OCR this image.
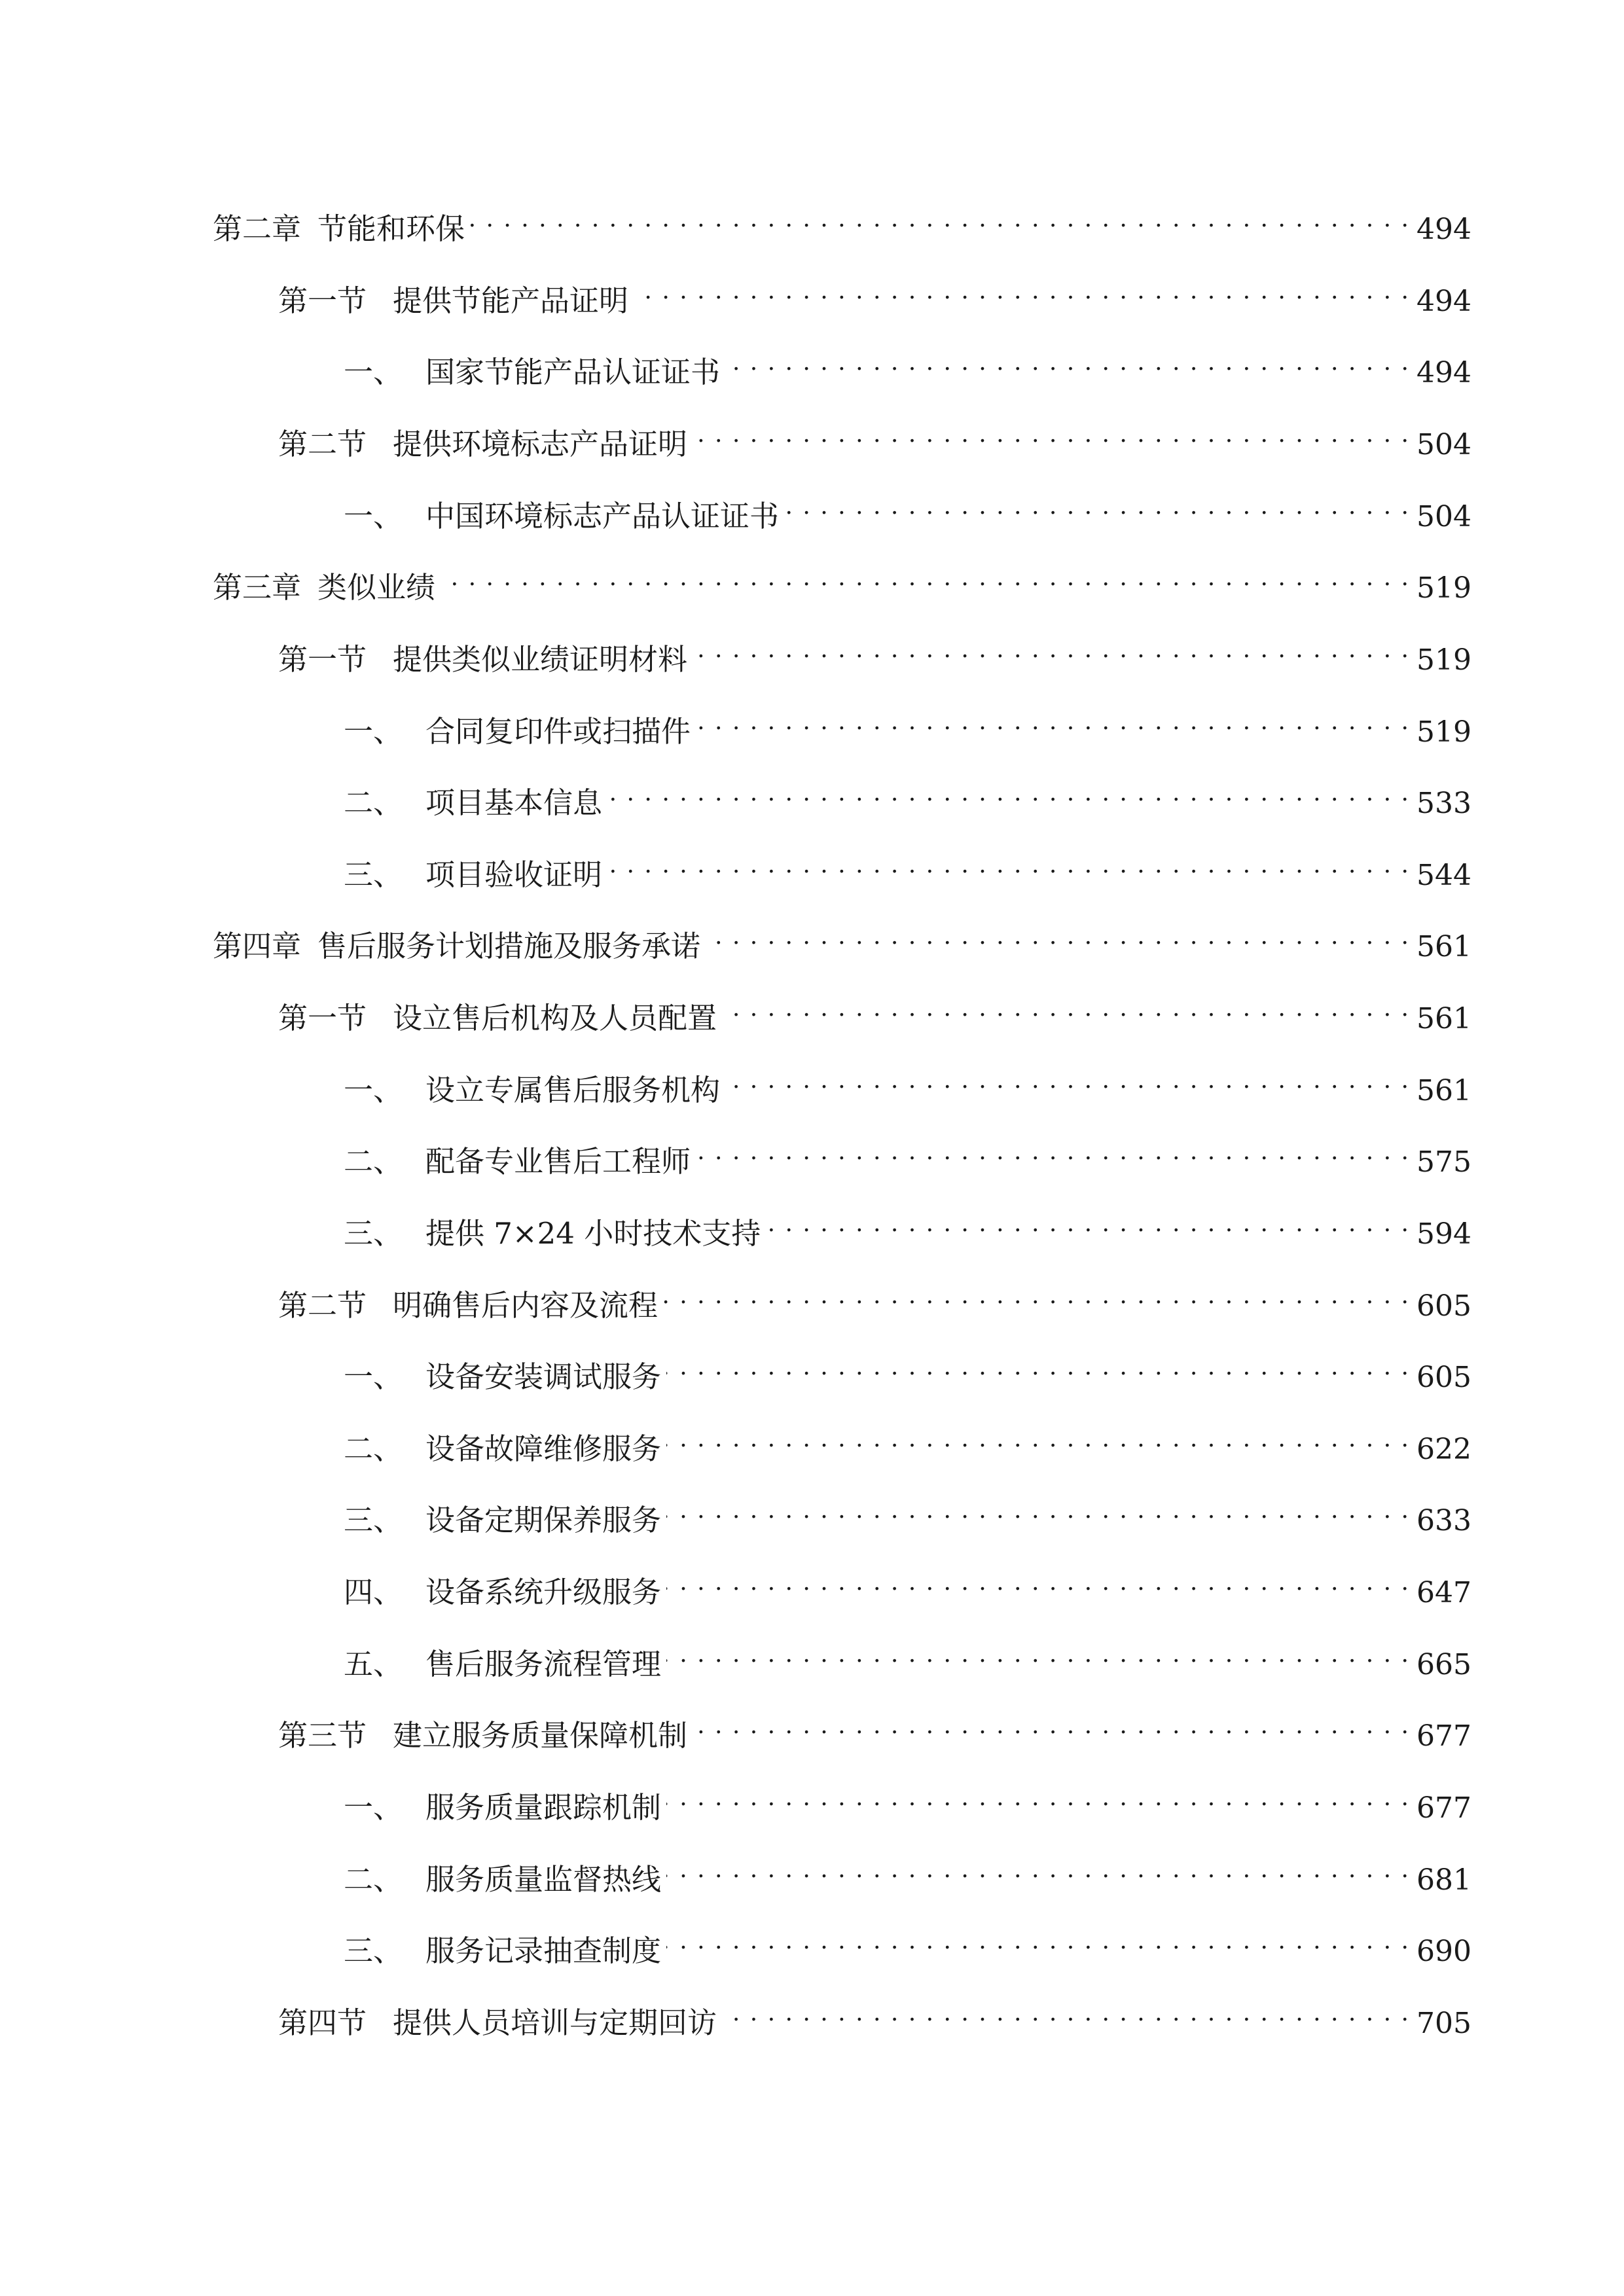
第二章 节能和环保 . . .	494
第一节 提供节能产品证明 . . .	494
一、 国家节能产品认证证书 . . .	494
第二节 提供环境标志产品证明 . . .	504
一、 中国环境标志产品认证证书 . . .	504
第三章 类似业绩 . . .	519
第一节 提供类似业绩证明材料 . . .	519
一、 合同复印件或扫描件 . . .	519
二、 项目基本信息 . . .	533
三、 项目验收证明 . . .	544
第四章 售后服务计划措施及服务承诺 . . .	561
第一节 设立售后机构及人员配置 . . .	561
一、 设立专属售后服务机构 . . .	561
二、 配备专业售后工程师 . . .	575
三、 提供 7×24 小时技术支持 . . .	594
第二节 明确售后内容及流程 . . .	605
一、 设备安装调试服务 . . .	605
二、 设备故障维修服务 . . .	622
三、 设备定期保养服务 . . .	633
四、 设备系统升级服务 . . .	647
五、 售后服务流程管理 . . .	665
第三节 建立服务质量保障机制 . . .	677
一、 服务质量跟踪机制 . . .	677
二、 服务质量监督热线 . . .	681
三、 服务记录抽查制度 . . .	690
第四节 提供人员培训与定期回访 . . .	705
